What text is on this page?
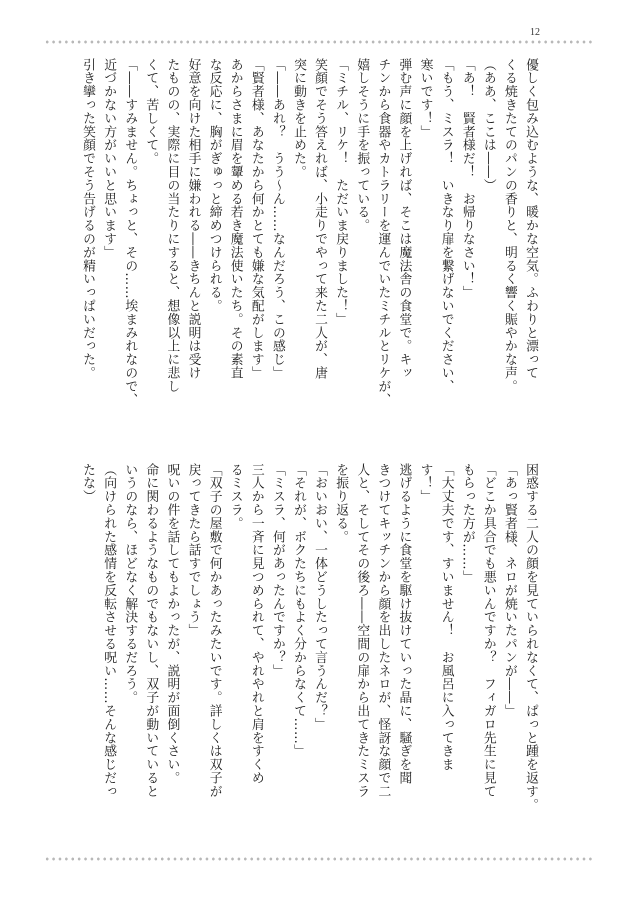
12
優しく包み込むような、暖かな空気。ふわりと漂って
くる焼きたてのパンの香りと、明るく響く賑やかな声。
（ああ、ここは――）
「あ！　賢者様だ！　お帰りなさい！」
「もう、ミスラ！　いきなり扉を繋げないでください、
寒いです！」
弾む声に顔を上げれば、そこは魔法舎の食堂で。キッ
チンから食器やカトラリーを運んでいたミチルとリケが、
嬉しそうに手を振っている。
「ミチル、リケ！　ただいま戻りました！」
笑顔でそう答えれば、小走りでやって来た二人が、唐
突に動きを止めた。
「――あれ？　うう〜ん……なんだろう、この感じ」
「賢者様、あなたから何かとても嫌な気配がします」
あからさまに眉を顰める若き魔法使いたち。その素直
な反応に、胸がぎゅっと締めつけられる。
好意を向けた相手に嫌われる――きちんと説明は受け
たものの、実際に目の当たりにすると、想像以上に悲し
くて、苦しくて。
「――すみません。ちょっと、その……埃まみれなので、
近づかない方がいいと思います」
引き攣った笑顔でそう告げるのが精いっぱいだった。
困惑する二人の顔を見ていられなくて、ぱっと踵を返す。
「あっ賢者様、ネロが焼いたパンが――」
「どこか具合でも悪いんですか？　フィガロ先生に見て
もらった方が……」
「大丈夫です、すいません！　お風呂に入ってきま
す！」
逃げるように食堂を駆け抜けていった晶に、騒ぎを聞
きつけてキッチンから顔を出したネロが、怪訝な顔で二
人と、そしてその後ろ――空間の扉から出てきたミスラ
を振り返る。
「おいおい、一体どうしたって言うんだ？」
「それが、ボクたちにもよく分からなくて……」
「ミスラ、何があったんですか？」
三人から一斉に見つめられて、やれやれと肩をすくめ
るミスラ。
「双子の屋敷で何かあったみたいです。詳しくは双子が
戻ってきたら話すでしょう」
呪いの件を話してもよかったが、説明が面倒くさい。
命に関わるようなものでもないし、双子が動いていると
いうのなら、ほどなく解決するだろう。
（向けられた感情を反転させる呪い……そんな感じだっ
たな）
